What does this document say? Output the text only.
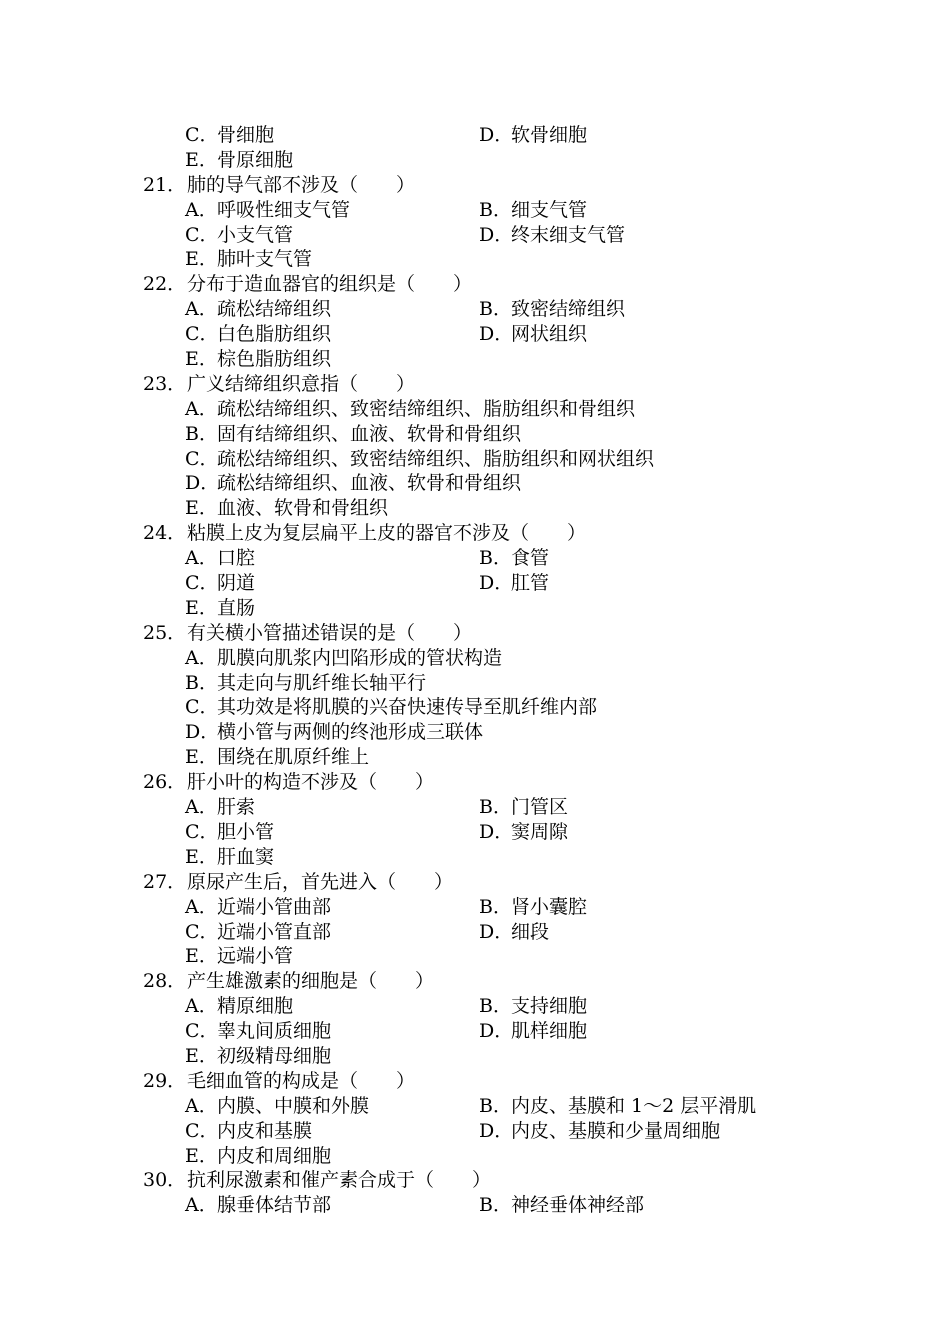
C．骨细胞	D．软骨细胞
E．骨原细胞
21． 肺的导气部不涉及（　　）
A．呼吸性细支气管	B．细支气管
C．小支气管	D．终末细支气管
E．肺叶支气管
22． 分布于造血器官的组织是（　　）
A．疏松结缔组织	B．致密结缔组织
C．白色脂肪组织	D．网状组织
E．棕色脂肪组织
23． 广义结缔组织意指（　　）
A．疏松结缔组织、致密结缔组织、脂肪组织和骨组织
B．固有结缔组织、血液、软骨和骨组织
C．疏松结缔组织、致密结缔组织、脂肪组织和网状组织
D．疏松结缔组织、血液、软骨和骨组织
E．血液、软骨和骨组织
24． 粘膜上皮为复层扁平上皮的器官不涉及（　　）
A．口腔	B．食管
C．阴道	D．肛管
E．直肠
25． 有关横小管描述错误的是（　　）
A．肌膜向肌浆内凹陷形成的管状构造
B．其走向与肌纤维长轴平行
C．其功效是将肌膜的兴奋快速传导至肌纤维内部
D．横小管与两侧的终池形成三联体
E．围绕在肌原纤维上
26． 肝小叶的构造不涉及（　　）
A．肝索	B．门管区
C．胆小管	D．窦周隙
E．肝血窦
27． 原尿产生后，首先进入（　　）
A．近端小管曲部	B．肾小囊腔
C．近端小管直部	D．细段
E．远端小管
28． 产生雄激素的细胞是（　　）
A．精原细胞	B．支持细胞
C．睾丸间质细胞	D．肌样细胞
E．初级精母细胞
29． 毛细血管的构成是（　　）
A．内膜、中膜和外膜	B．内皮、基膜和 1～2 层平滑肌
C．内皮和基膜	D．内皮、基膜和少量周细胞
E．内皮和周细胞
30． 抗利尿激素和催产素合成于（　　）
A．腺垂体结节部	B．神经垂体神经部
